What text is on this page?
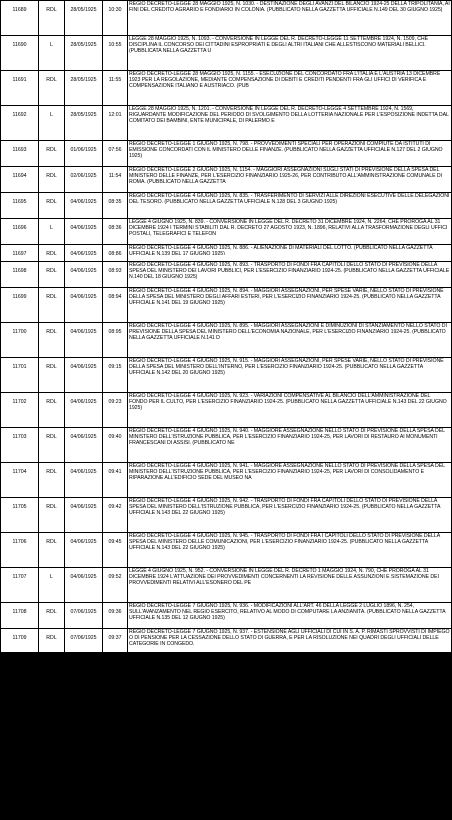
11689	RDL	28/05/1925	10:30	REGIO DECRETO-LEGGE 28 MAGGIO 1925, N. 1030. - DESTINAZIONE DEGLI AVANZI DEL BILANCIO 1924-25 DELLA TRIPOLITANIA, AI FINI DEL CREDITO AGRARIO E FONDIARIO IN COLONIA. (PUBBLICATO NELLA GAZZETTA UFFICIALE N.149 DEL 30 GIUGNO 1925)

11690	L	28/05/1925	10:55	LEGGE 28 MAGGIO 1925, N. 1093. - CONVERSIONE IN LEGGE DEL R. DECRETO-LEGGE 11 SETTEMBRE 1924, N. 1509, CHE DISCIPLINA IL CONCORSO DEI CITTADINI ESPROPRIATI E DEGLI ALTRI ITALIANI CHE ALLESTISCONO MATERIALI BELLICI. (PUBBLICATA NELLA GAZZETTA U

11691	RDL	28/05/1925	11:55	REGIO DECRETO-LEGGE 28 MAGGIO 1925, N. 1155. - ESECUZIONE DEL CONCORDATO FRA L'ITALIA E L'AUSTRIA 13 DICEMBRE 1923 PER LA REGOLAZIONE, MEDIANTE COMPENSAZIONE DI DEBITI E CREDITI PENDENTI FRA GLI UFFICI DI VERIFICA E COMPENSAZIONE ITALIANO E AUSTRIACO. (PUB

11692	L	28/05/1925	12:01	LEGGE 28 MAGGIO 1925, N. 1201. - CONVERSIONE IN LEGGE DEL R. DECRETO-LEGGE 4 SETTEMBRE 1924, N. 1569, RIGUARDANTE MODIFICAZIONE DEL PERIODO DI SVOLGIMENTO DELLA LOTTERIA NAZIONALE PER L'ESPOSIZIONE INDETTA DAL COMITATO DEI BAMBINI, ENTE MUNICIPALE, DI PALERMO E

11693	RDL	01/06/1925	07:56	REGIO DECRETO-LEGGE 1 GIUGNO 1925, N. 798. - PROVVEDIMENTI SPECIALI PER OPERAZIONI COMPIUTE DA ISTITUTI DI EMISSIONE CONCORDATI CON IL MINISTERO DELLE FINANZE. (PUBBLICATO NELLA GAZZETTA UFFICIALE N.127 DEL 2 GIUGNO 1925)

11694	RDL	02/06/1925	11:54	REGIO DECRETO-LEGGE 2 GIUGNO 1925, N. 1154. - MAGGIORI ASSEGNAZIONI SUGLI STATI DI PREVISIONE DELLA SPESA DEL MINISTERO DELLE FINANZE, PER L'ESERCIZIO FINANZIARIO 1925-26, PER CONTRIBUTO ALL'AMMINISTRAZIONE COMUNALE DI ROMA. (PUBBLICATO NELLA GAZZETTA

11695	RDL	04/06/1925	08:35	REGIO DECRETO-LEGGE 4 GIUGNO 1925, N. 835. - TRASFERIMENTO DI SERVIZI ALLE DIREZIONI ESECUTIVE DELLE DELEGAZIONI DEL TESORO. (PUBBLICATO NELLA GAZZETTA UFFICIALE N.128 DEL 3 GIUGNO 1925)

11696	L	04/06/1925	08:36	LEGGE 4 GIUGNO 1925, N. 839. - CONVERSIONE IN LEGGE DEL R. DECRETO 31 DICEMBRE 1924, N. 2264, CHE PROROGA AL 31 DICEMBRE 1924 I TERMINI STABILITI DAL R. DECRETO 27 AGOSTO 1923, N. 1896, RELATIVI ALLA TRASFORMAZIONE DEGLI UFFICI POSTALI, TELEGRAFICI E TELEFON

11697	RDL	04/06/1925	08:86	REGIO DECRETO-LEGGE 4 GIUGNO 1925, N. 886. - ALIENAZIONE DI MATERIALI DEL LOTTO. (PUBBLICATO NELLA GAZZETTA UFFICIALE N.139 DEL 17 GIUGNO 1925)

11698	RDL	04/06/1925	08:93	REGIO DECRETO-LEGGE 4 GIUGNO 1925, N. 893. - TRASPORTO DI FONDI FRA CAPITOLI DELLO STATO DI PREVISIONE DELLA SPESA DEL MINISTERO DEI LAVORI PUBBLICI, PER L'ESERCIZIO FINANZIARIO 1924-25. (PUBBLICATO NELLA GAZZETTA UFFICIALE N.140 DEL 18 GIUGNO 1925)

11699	RDL	04/06/1925	08:94	REGIO DECRETO-LEGGE 4 GIUGNO 1925, N. 894. - MAGGIORI ASSEGNAZIONI, PER SPESE VARIE, NELLO STATO DI PREVISIONE DELLA SPESA DEL MINISTERO DEGLI AFFARI ESTERI, PER L'ESERCIZIO FINANZIARIO 1924-25. (PUBBLICATO NELLA GAZZETTA UFFICIALE N.141 DEL 19 GIUGNO 1925)

11700	RDL	04/06/1925	08:95	REGIO DECRETO-LEGGE 4 GIUGNO 1925, N. 895. - MAGGIORI ASSEGNAZIONI E DIMINUZIONI DI STANZIAMENTO NELLO STATO DI PREVISIONE DELLA SPESA DEL MINISTERO DELL'ECONOMIA NAZIONALE, PER L'ESERCIZIO FINANZIARIO 1924-25. (PUBBLICATO NELLA GAZZETTA UFFICIALE N.141 D

11701	RDL	04/06/1925	09:15	REGIO DECRETO-LEGGE 4 GIUGNO 1925, N. 915. - MAGGIORI ASSEGNAZIONI, PER SPESE VARIE, NELLO STATO DI PREVISIONE DELLA SPESA DEL MINISTERO DELL'INTERNO, PER L'ESERCIZIO FINANZIARIO 1924-25. (PUBBLICATO NELLA GAZZETTA UFFICIALE N.142 DEL 20 GIUGNO 1925)

11702	RDL	04/06/1925	09:23	REGIO DECRETO-LEGGE 4 GIUGNO 1925, N. 923. - VARIAZIONI COMPENSATIVE AL BILANCIO DELL'AMMINISTRAZIONE DEL FONDO PER IL CULTO, PER L'ESERCIZIO FINANZIARIO 1924-25. (PUBBLICATO NELLA GAZZETTA UFFICIALE N.143 DEL 22 GIUGNO 1925)

11703	RDL	04/06/1925	09:40	REGIO DECRETO-LEGGE 4 GIUGNO 1925, N. 940. - MAGGIORE ASSEGNAZIONE NELLO STATO DI PREVISIONE DELLA SPESA DEL MINISTERO DELL'ISTRUZIONE PUBBLICA, PER L'ESERCIZIO FINANZIARIO 1924-25, PER LAVORI DI RESTAURO AI MONUMENTI FRANCESCANI DI ASSISI. (PUBBLICATO NE

11704	RDL	04/06/1925	09:41	REGIO DECRETO-LEGGE 4 GIUGNO 1925, N. 941. - MAGGIORE ASSEGNAZIONE NELLO STATO DI PREVISIONE DELLA SPESA DEL MINISTERO DELL'ISTRUZIONE PUBBLICA, PER L'ESERCIZIO FINANZIARIO 1924-25, PER LAVORI DI CONSOLIDAMENTO E RIPARAZIONE ALL'EDIFICIO SEDE DEL MUSEO NA

11705	RDL	04/06/1925	09:42	REGIO DECRETO-LEGGE 4 GIUGNO 1925, N. 942. - TRASPORTO DI FONDI FRA CAPITOLI DELLO STATO DI PREVISIONE DELLA SPESA DEL MINISTERO DELL'ISTRUZIONE PUBBLICA, PER L'ESERCIZIO FINANZIARIO 1924-25. (PUBBLICATO NELLA GAZZETTA UFFICIALE N.143 DEL 22 GIUGNO 1925)

11706	RDL	04/06/1925	09:45	REGIO DECRETO-LEGGE 4 GIUGNO 1925, N. 945. - TRASPORTO DI FONDI FRA I CAPITOLI DELLO STATO DI PREVISIONE DELLA SPESA DEL MINISTERO DELLE COMUNICAZIONI, PER L'ESERCIZIO FINANZIARIO 1924-25. (PUBBLICATO NELLA GAZZETTA UFFICIALE N.143 DEL 22 GIUGNO 1925)

11707	L	04/06/1925	09:52	LEGGE 4 GIUGNO 1925, N. 952. - CONVERSIONE IN LEGGE DEL R. DECRETO 1 MAGGIO 1924, N. 790, CHE PROROGA AL 31 DICEMBRE 1924 L'ATTUAZIONE DEI PROVVEDIMENTI CONCERNENTI LA REVISIONE DELLE ASSUNZIONI E SISTEMAZIONE DEI PROVVEDIMENTI RELATIVI ALL'ESONERO DEL PE

11708	RDL	07/06/1925	09:36	REGIO DECRETO-LEGGE 7 GIUGNO 1925, N. 936. - MODIFICAZIONI ALL'ART. 46 DELLA LEGGE 2 LUGLIO 1896, N. 254, SULL'AVANZAMENTO NEL REGIO ESERCITO, RELATIVO AL MODO DI COMPUTARE LA ANZIANITA. (PUBBLICATO NELLA GAZZETTA UFFICIALE N.135 DEL 12 GIUGNO 1925)

11709	RDL	07/06/1925	09:37	REGIO DECRETO-LEGGE 7 GIUGNO 1925, N. 937. - ESTENSIONE AGLI UFFICIALI DI CUI IN S. A. P. RIMASTI SPROVVISTI DI IMPIEGO O DI PENSIONE PER LA CESSAZIONE DELLO STATO DI GUERRA, E PER LA RISOLUZIONE NEI QUADRI DEGLI UFFICIALI DELLE CATEGORIE IN CONGEDO.

11710	L	05/06/1925	09:66	LEGGE 5 GIUGNO 1925, N. 966. - ORDINAMENTO DELL'ALTO COMANDO DELL'ESERCITO. (PUBBLICATA NELLA GAZZETTA UFFICIALE N.139 DEL 17 GIUGNO 1925)

11711	L	08/06/1925	08:69	LEGGE 8 GIUGNO 1925, N. 969. - ORGANIZZAZIONE DELLA NAZIONE PER LA GUERRA. (PUBBLICATA NELLA GAZZETTA UFFICIALE N.140 DEL 20 GIUGNO 1925)

11712	RDL	10/06/1925	10:29	REGIO DECRETO-LEGGE 10 GIUGNO 1925, N. 1029. - PROVVEDIMENTI RELATIVI ALLO SPOSTAMENTO DELL'ABITATO DI PREDAPPIO. (PUBBLICATO NELLA GAZZETTA UFFICIALE N.149 DEL 30 GIUGNO 1925)

11713	RDL	10/06/1925	11:48	REGIO DECRETO-LEGGE 10 GIUGNO 1925, N. 1148. - AUTORIZZAZIONE DELLA SPESA PER COMPLEMENTO OPERE PUBBLICHE, NELLA PROVINCIA DI ZARA. (PUBBLICATO NELLA GAZZETTA UFFICIALE N.161 DEL 14 LUGLIO 1925)

11714	L	11/06/1925	09:87	LEGGE 11 GIUGNO 1925, N. 987. - STATO DI PREVISIONE DELLA SPESA DEL MINISTERO DELLE COMUNICAZIONI PER L'ESERCIZIO FINANZIARIO DAL 1 LUGLIO 1925 AL 30 GIUGNO 1926. (PUBBLICATA NELLA GAZZETTA UFFICIALE N.149 DEL 1 LUGLIO 1925)

11715	L	11/06/1925	09:88	LEGGE 11 GIUGNO 1925, N. 988. - STATO DI PREVISIONE DELLA SPESA DEL MINISTERO DELL'ECONOMIA NAZIONALE PER L'ESERCIZIO FINANZIARIO DAL 1 LUGLIO 1925 AL 30 GIUGNO 1926. (PUBBLICATA NELLA GAZZETTA UFFICIALE N.139 DEL 17 GIUGNO 1925)
